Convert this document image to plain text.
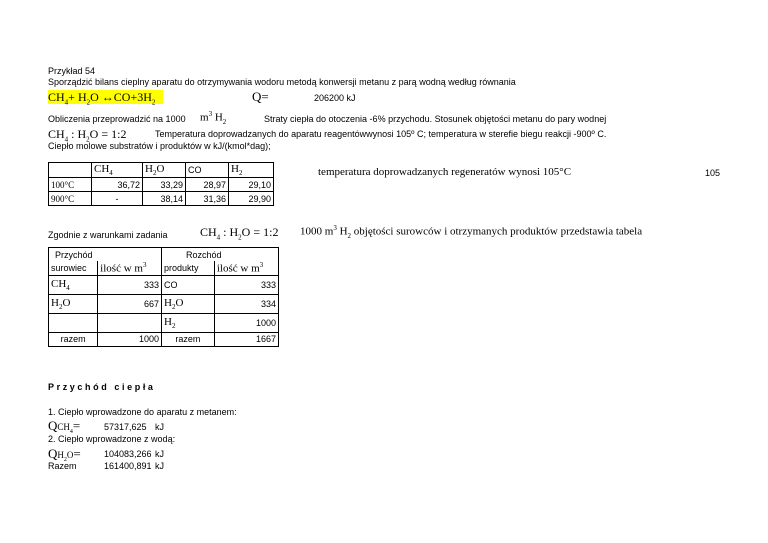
Przykład 54
Sporządzić bilans cieplny aparatu do otrzymywania wodoru metodą konwersji metanu z parą wodną według równania
$CH_4+ H_2O$ $\leftrightarrow CO+3H_2$	Q=	206200 kJ
Obliczenia przeprowadzić na 1000 $m^3$ $H_2$	Straty ciepła do otoczenia -6% przychodu. Stosunek objętości metanu do pary wodnej
$CH_4$ : $H_2O$ = 1:2	Temperatura doprowadzanych do aparatu reagentówwynosi 105º C; temperatura w sterefie biegu reakcji -900º C.
Ciepło molowe substratów i produktów w kJ/(kmol*dag);
	$CH_4$	$H_2O$	CO	$H_2$
100°C	36,72	33,29	28,97	29,10
900°C	-	38,14	31,36	29,90
temperatura doprowadzanych regeneratów wynosi 105°C	105
Zgodnie z warunkami zadania	$CH_4$ : $H_2O$ = 1:2 1000 $m^3$ $H_2$ objętości surowców i otrzymanych produktów przedstawia tabela
Przychód		Rozchód	
surowiec	ilość w $m^3$	produkty	ilość w $m^3$
$CH_4$	333	CO	333
$H_2O$	667	$H_2O$	334
		$H_2$	1000
razem	1000	razem	1667
Przychód ciepła
1. Ciepło wprowadzone do aparatu z metanem:
$QCH_4=$	57317,625 kJ
2. Ciepło wprowadzone z wodą:
$QH_2O=$	104083,266 kJ
Razem	161400,891 kJ
